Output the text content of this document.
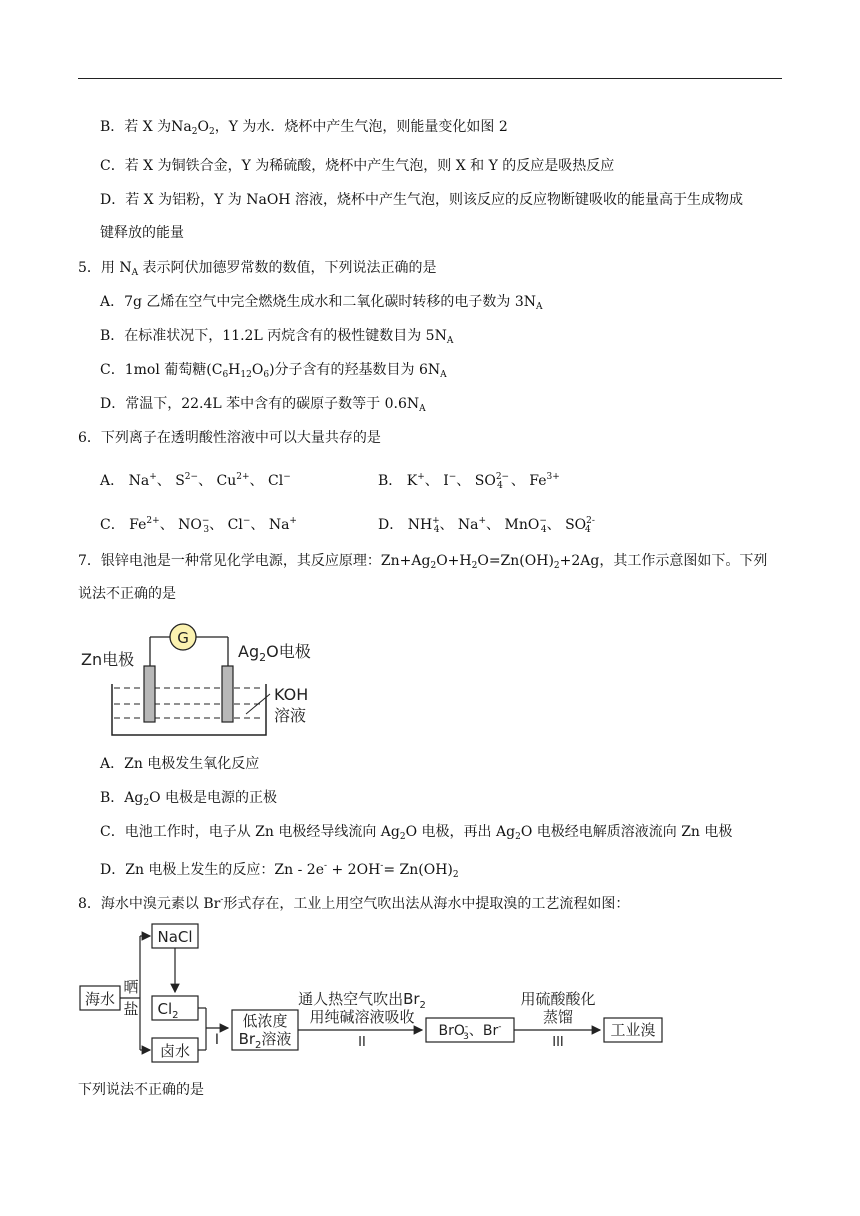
B．若 X 为$Na_2O_2$，Y 为水．烧杯中产生气泡，则能量变化如图 2
C．若 X 为铜铁合金，Y 为稀硫酸，烧杯中产生气泡，则 X 和 Y 的反应是吸热反应
D．若 X 为铝粉，Y 为 NaOH 溶液，烧杯中产生气泡，则该反应的反应物断键吸收的能量高于生成物成
键释放的能量
5．用 $N_A$ 表示阿伏加德罗常数的数值，下列说法正确的是
A．7g 乙烯在空气中完全燃烧生成水和二氧化碳时转移的电子数为 $3N_A$
B．在标准状况下，11.2L 丙烷含有的极性键数目为 $5N_A$
C．1mol 葡萄糖$(C_6H_{12}O_6)$分子含有的羟基数目为 $6N_A$
D．常温下，22.4L 苯中含有的碳原子数等于 $0.6N_A$
6．下列离子在透明酸性溶液中可以大量共存的是
A． Na+、 $S^{2-}$、 $Cu^{2+}$、 Cl−	B． K+、 I−、 $SO^{2-}_4$ 、 $Fe^{3+}$
C． $Fe^{2+}$、 $NO^-_3$、 Cl−、 Na+	D． $NH^+_4$、 Na+、 MnO−$_4$、 $SO^{2-}_4$
7．银锌电池是一种常见化学电源，其反应原理：$Zn+Ag_2O+H_2O=Zn(OH)_2+2Ag$，其工作示意图如下。下列
说法不正确的是
G
Zn电极	$Ag_2O$电极
KOH
溶液
A．Zn 电极发生氧化反应
B．$Ag_2O$ 电极是电源的正极
C．电池工作时，电子从 Zn 电极经导线流向 $Ag_2O$ 电极，再出 $Ag_2O$ 电极经电解质溶液流向 Zn 电极
D．Zn 电极上发生的反应：$Zn - 2e^- + 2OH^-= Zn(OH)_2$
8．海水中溴元素以 Br-形式存在，工业上用空气吹出法从海水中提取溴的工艺流程如图：
海水
晒
盐
NaCl
$Cl_2$
卤水
I
低浓度
$Br_2$溶液
通人热空气吹出$Br_2$
用纯碱溶液吸收
II
BrO-3、Br-
用硫酸酸化
蒸馏
III
工业溴
下列说法不正确的是
